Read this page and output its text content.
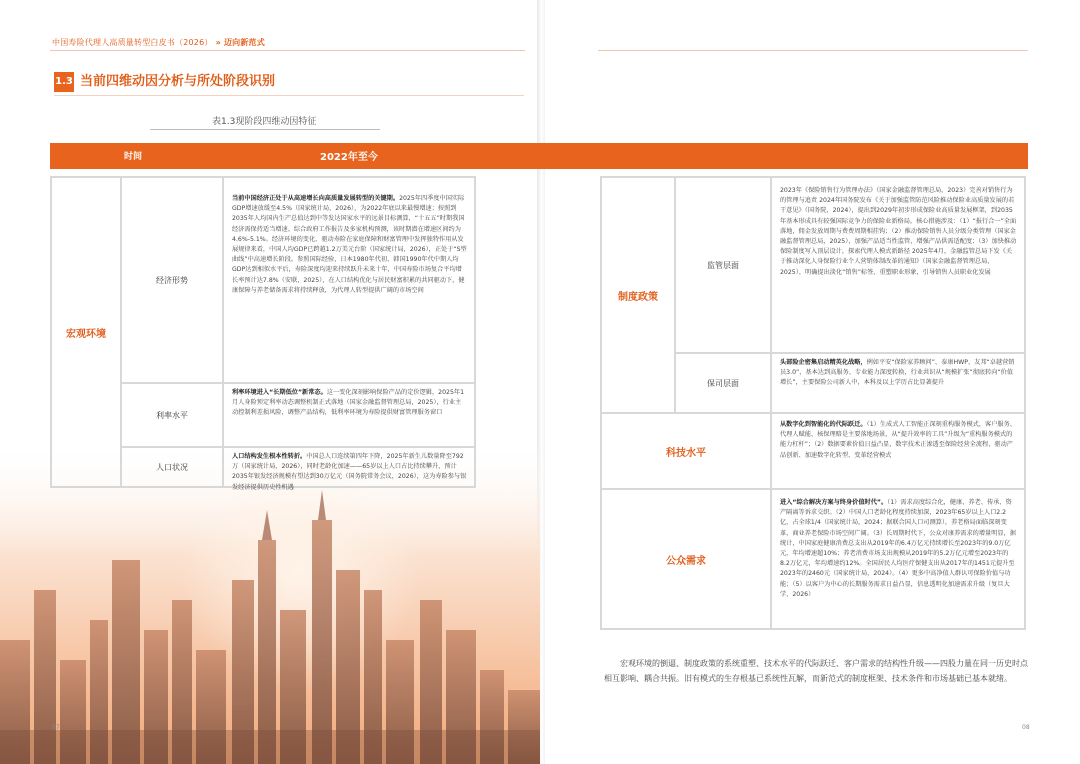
中国寿险代理人高质量转型白皮书（2026） » 迈向新范式
1.3 当前四维动因分析与所处阶段识别
表1.3现阶段四维动因特征
时间	2022年至今
宏观环境
经济形势
当前中国经济正处于从高速增长向高质量发展转型的关键期。2025年四季度中国实际GDP增速放缓至4.5%（国家统计局，2026），为2022年底以来最慢增速；按照到2035年人均国内生产总值达到中等发达国家水平的远景目标测算，“十五五”时期我国经济需保持适当增速。综合政府工作报告及多家机构预测，该时期潜在增速区间约为4.6%-5.1%。经济环境的变化、驱动寿险在家庭保障和财富管理中发挥独特作用从发展规律来看，中国人均GDP已跨越1.2万美元台阶（国家统计局，2026），正处于“S型曲线”中高速增长阶段。参照国际经验，日本1980年代初、韩国1990年代中期人均GDP达到相似水平后，寿险深度均迎来持续跃升未来十年，中国寿险市场复合平均增长率预计达7.8%（安联，2025），在人口结构优化与居民财富积累的共同驱动下，健康保障与养老储备需求将持续释放，为代理人转型提供广阔的市场空间
利率水平
利率环境进入“长期低位”新常态。这一变化深刻影响保险产品的定价逻辑，2025年1月人身险预定利率动态调整机制正式落地（国家金融监督管理总局，2025），行业主动控制利差损风险，调整产品结构，低利率环境为寿险提供财富管理服务窗口
人口状况
人口结构发生根本性转折。中国总人口连续第四年下降，2025年新生儿数量降至792万（国家统计局，2026），同时老龄化加速——65岁以上人口占比持续攀升，预计2035年银发经济规模有望达到30万亿元（国务院常务会议，2026），这为寿险参与银发经济提供历史性机遇
制度政策
监管层面
2023年《保险销售行为管理办法》（国家金融监督管理总局，2023）完善对销售行为的管理与追责 2024年国务院发布《关于加强监管防范风险推动保险业高质量发展的若干意见》（国务院，2024），提出到2029年初步形成保险业高质量发展框架，到2035年基本形成具有较强国际竞争力的保险业新格局。核心措施涉及：（1）“报行合一”全面落地，佣金发放周期与费费周期相挂钩；（2）推动保险销售人员分级分类管理（国家金融监督管理总局，2025），加强产品适当性监管，增强产品供需适配度；（3）加快推动保险制度写入顶层设计，探索代理人模式新路径 2025年4月，金融监管总局下发《关于推动深化人身保险行业个人营销体制改革的通知》（国家金融监督管理总局，2025），明确提出淡化“销售”标签、重塑职业形象，引导销售人员职业化发展
保司层面
头部险企密集启动精英化战略，例如平安“保险家养顾问”、泰康HWP、友邦“卓越营销员3.0”，基本达到高服务、专业能力深度转换，行业共识从“规模扩张”彻底转向“价值增长”，主要保险公司新人中，本科及以上学历占比显著提升
科技水平
从数字化到智能化的代际跃迁。（1）生成式人工智能正深刻重构服务模式，客户服务、代理人赋能、核保理赔是主要落地场景，从“提升效率的工具”升级为“重构服务模式的能力杠杆”；（2）数据要素价值日益凸显，数字技术正渗透至保险经营全流程，驱动产品创新、加速数字化转型、变革经营模式
公众需求
进入“综合解决方案与终身价值时代”。（1）需求高度综合化，健康、养老、传承、资产隔离等诉求交织。（2）中国人口老龄化程度持续加深，2023年65岁以上人口2.2亿，占全球1/4（国家统计局，2024；据联合国人口司测算），养老格局面临深刻变革，商业养老保险市场空间广阔。（3）长周期时代下，公众对康养需求的增量明显，据统计，中国家庭健康消费总支出从2019年的6.4万亿元持续增长至2023年的9.0万亿元，年均增速超10%；养老消费市场支出规模从2019年的5.2万亿元增至2023年的8.2万亿元，年均增速约12%。全国居民人均医疗保健支出从2017年的1451元提升至2023年的2460元（国家统计局，2024）。（4）更多中高净值人群认可保险价值与功能；（5）以客户为中心的长期服务需求日益凸显，信息透明化加速需求升级（复旦大学，2026）
宏观环境的倒逼、制度政策的系统重塑、技术水平的代际跃迁、客户需求的结构性升级——四股力量在同一历史时点相互影响、耦合共振。旧有模式的生存根基已系统性瓦解，而新范式的制度框架、技术条件和市场基础已基本就绪。
07	08
